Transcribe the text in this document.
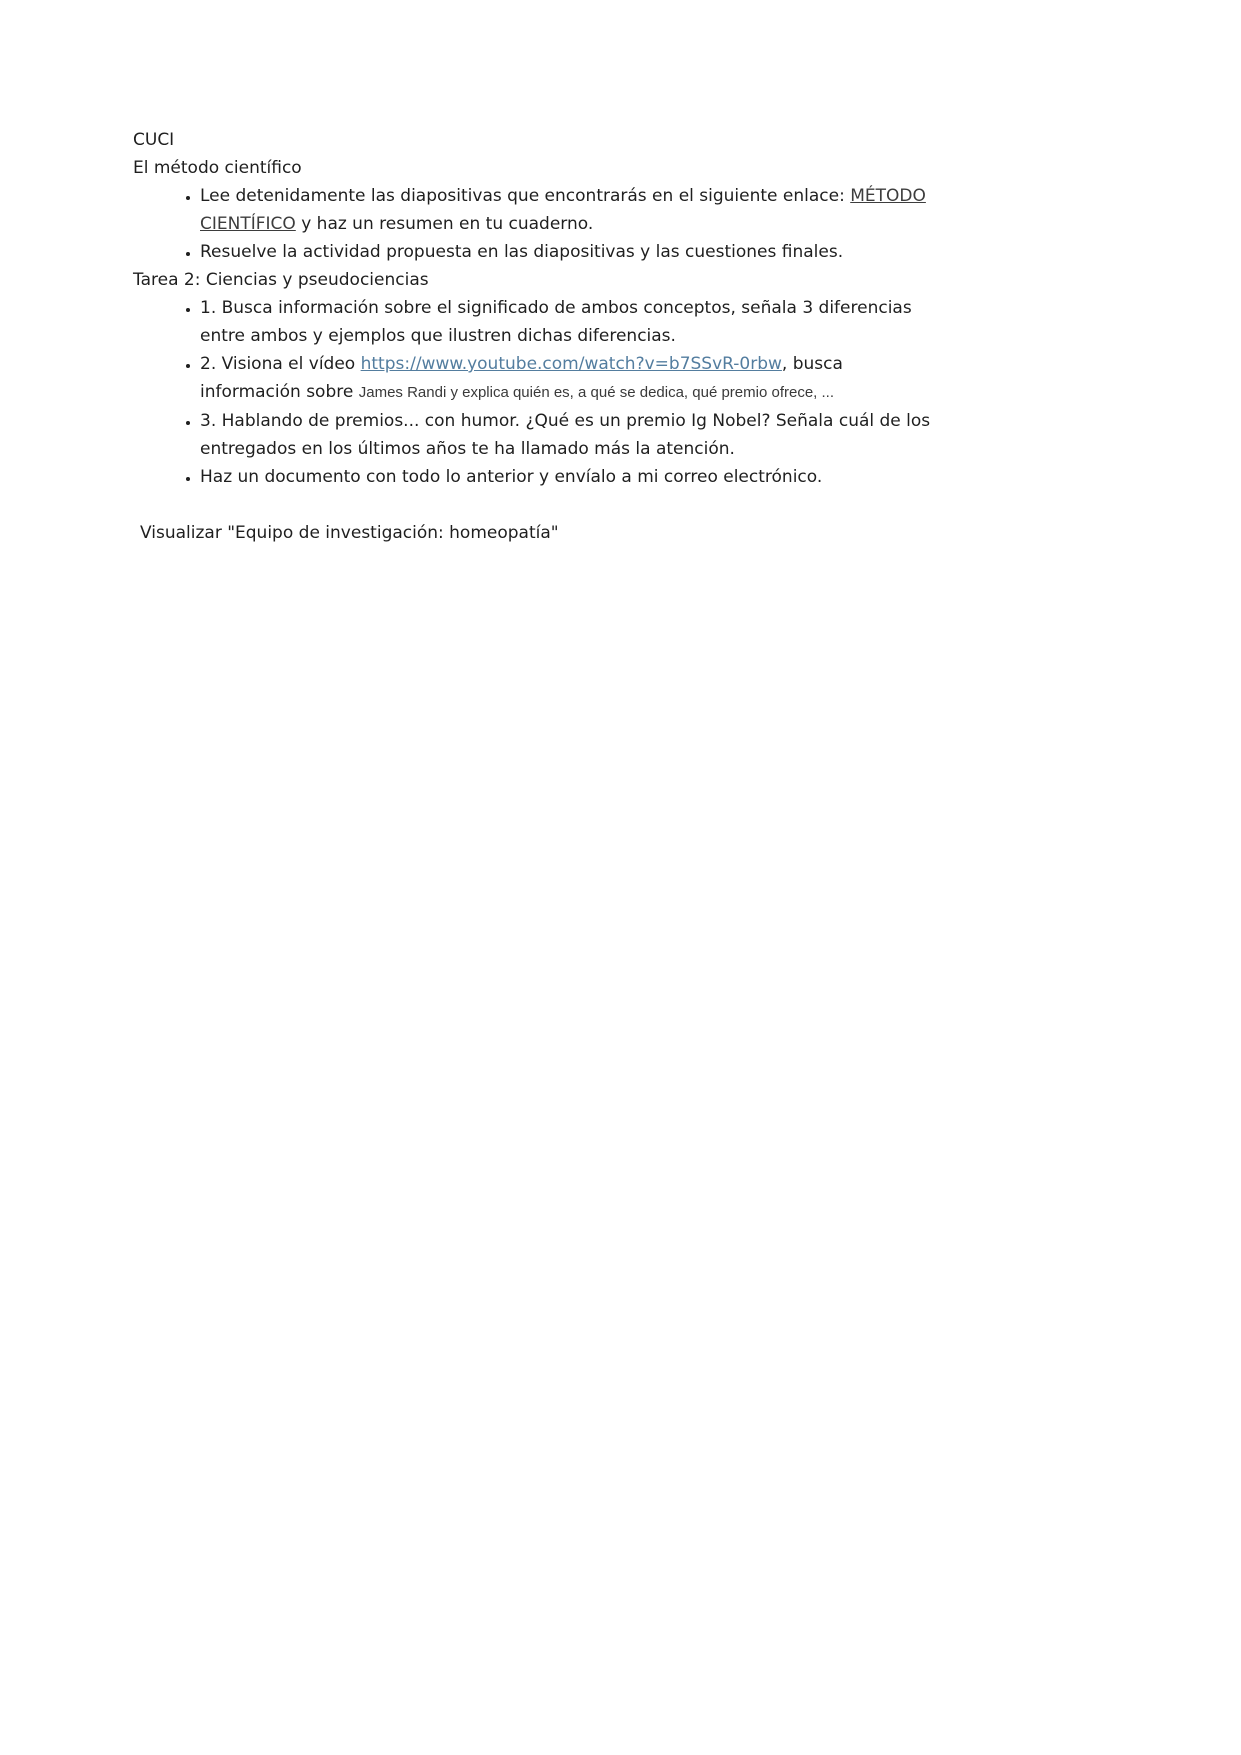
CUCI

El método científico

• Lee detenidamente las diapositivas que encontrarás en el siguiente enlace: MÉTODO CIENTÍFICO y haz un resumen en tu cuaderno.
• Resuelve la actividad propuesta en las diapositivas y las cuestiones finales.

Tarea 2: Ciencias y pseudociencias

• 1. Busca información sobre el significado de ambos conceptos, señala 3 diferencias entre ambos y ejemplos que ilustren dichas diferencias.
• 2. Visiona el vídeo https://www.youtube.com/watch?v=b7SSvR-0rbw, busca información sobre James Randi y explica quién es, a qué se dedica, qué premio ofrece, ...
• 3. Hablando de premios... con humor. ¿Qué es un premio Ig Nobel? Señala cuál de los entregados en los últimos años te ha llamado más la atención.
• Haz un documento con todo lo anterior y envíalo a mi correo electrónico.

Visualizar "Equipo de investigación: homeopatía"
